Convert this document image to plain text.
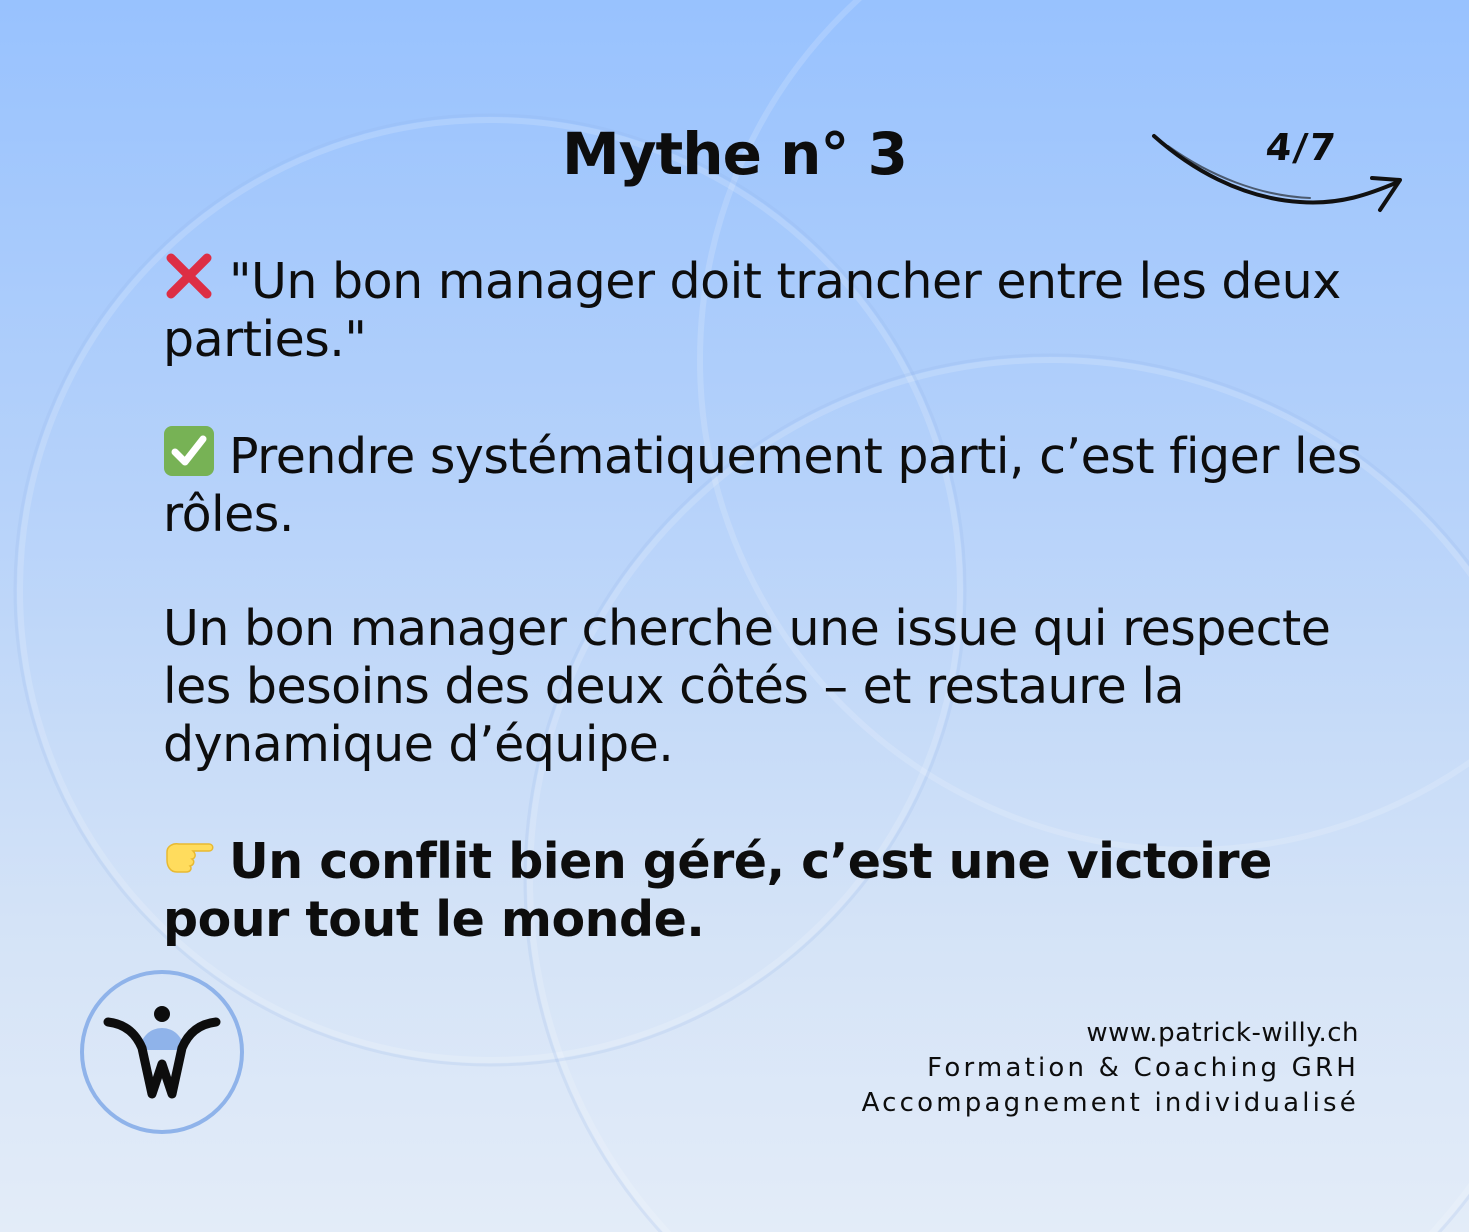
Mythe n° 3	4/7

"Un bon manager doit trancher entre les deux parties."

Prendre systématiquement parti, c’est figer les rôles.

Un bon manager cherche une issue qui respecte les besoins des deux côtés – et restaure la dynamique d’équipe.

Un conflit bien géré, c’est une victoire pour tout le monde.

www.patrick-willy.ch
Formation & Coaching GRH
Accompagnement individualisé
